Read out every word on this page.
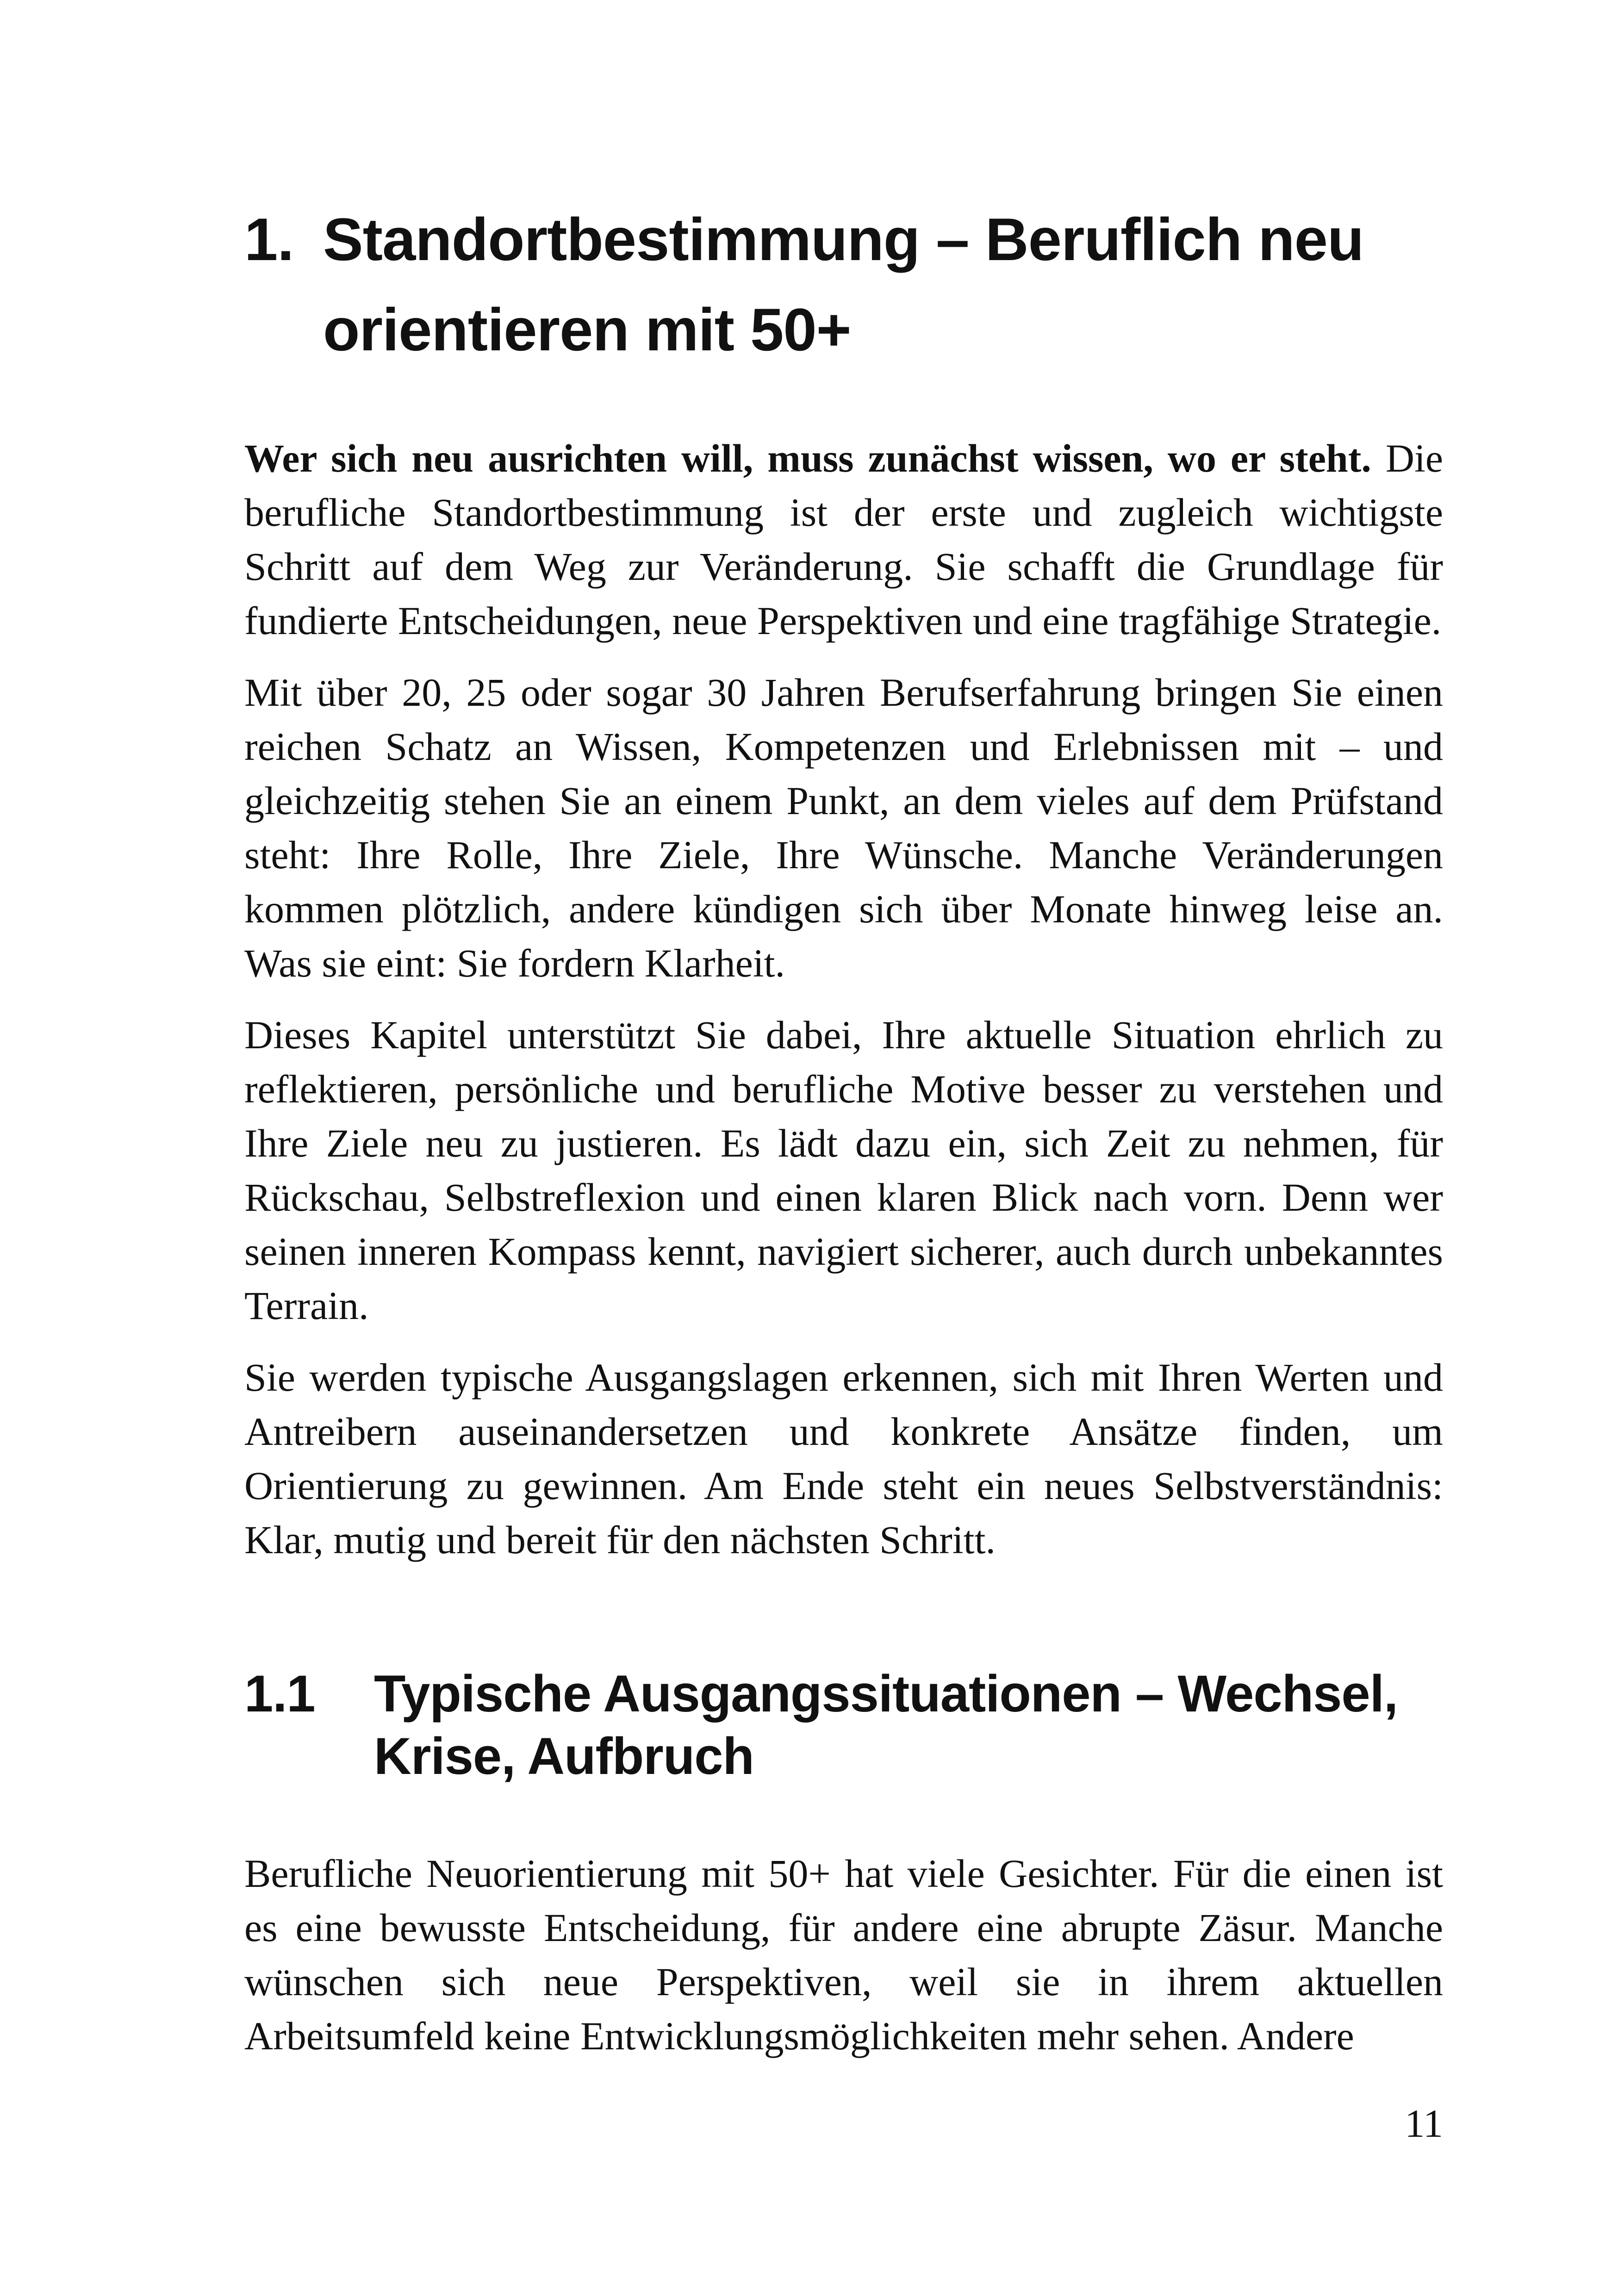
1. Standortbestimmung – Beruflich neu orientieren mit 50+

Wer sich neu ausrichten will, muss zunächst wissen, wo er steht. Die berufliche Standortbestimmung ist der erste und zugleich wichtigste Schritt auf dem Weg zur Veränderung. Sie schafft die Grundlage für fundierte Entscheidungen, neue Perspektiven und eine tragfähige Strategie.

Mit über 20, 25 oder sogar 30 Jahren Berufserfahrung bringen Sie einen reichen Schatz an Wissen, Kompetenzen und Erlebnissen mit – und gleichzeitig stehen Sie an einem Punkt, an dem vieles auf dem Prüfstand steht: Ihre Rolle, Ihre Ziele, Ihre Wünsche. Manche Veränderungen kommen plötzlich, andere kündigen sich über Monate hinweg leise an. Was sie eint: Sie fordern Klarheit.

Dieses Kapitel unterstützt Sie dabei, Ihre aktuelle Situation ehrlich zu reflektieren, persönliche und berufliche Motive besser zu verstehen und Ihre Ziele neu zu justieren. Es lädt dazu ein, sich Zeit zu nehmen, für Rückschau, Selbstreflexion und einen klaren Blick nach vorn. Denn wer seinen inneren Kompass kennt, navigiert sicherer, auch durch unbekanntes Terrain.

Sie werden typische Ausgangslagen erkennen, sich mit Ihren Werten und Antreibern auseinandersetzen und konkrete Ansätze finden, um Orientierung zu gewinnen. Am Ende steht ein neues Selbstverständnis: Klar, mutig und bereit für den nächsten Schritt.

1.1	Typische Ausgangssituationen – Wechsel, Krise, Aufbruch

Berufliche Neuorientierung mit 50+ hat viele Gesichter. Für die einen ist es eine bewusste Entscheidung, für andere eine abrupte Zäsur. Manche wünschen sich neue Perspektiven, weil sie in ihrem aktuellen Arbeitsumfeld keine Entwicklungsmöglichkeiten mehr sehen. Andere

11
